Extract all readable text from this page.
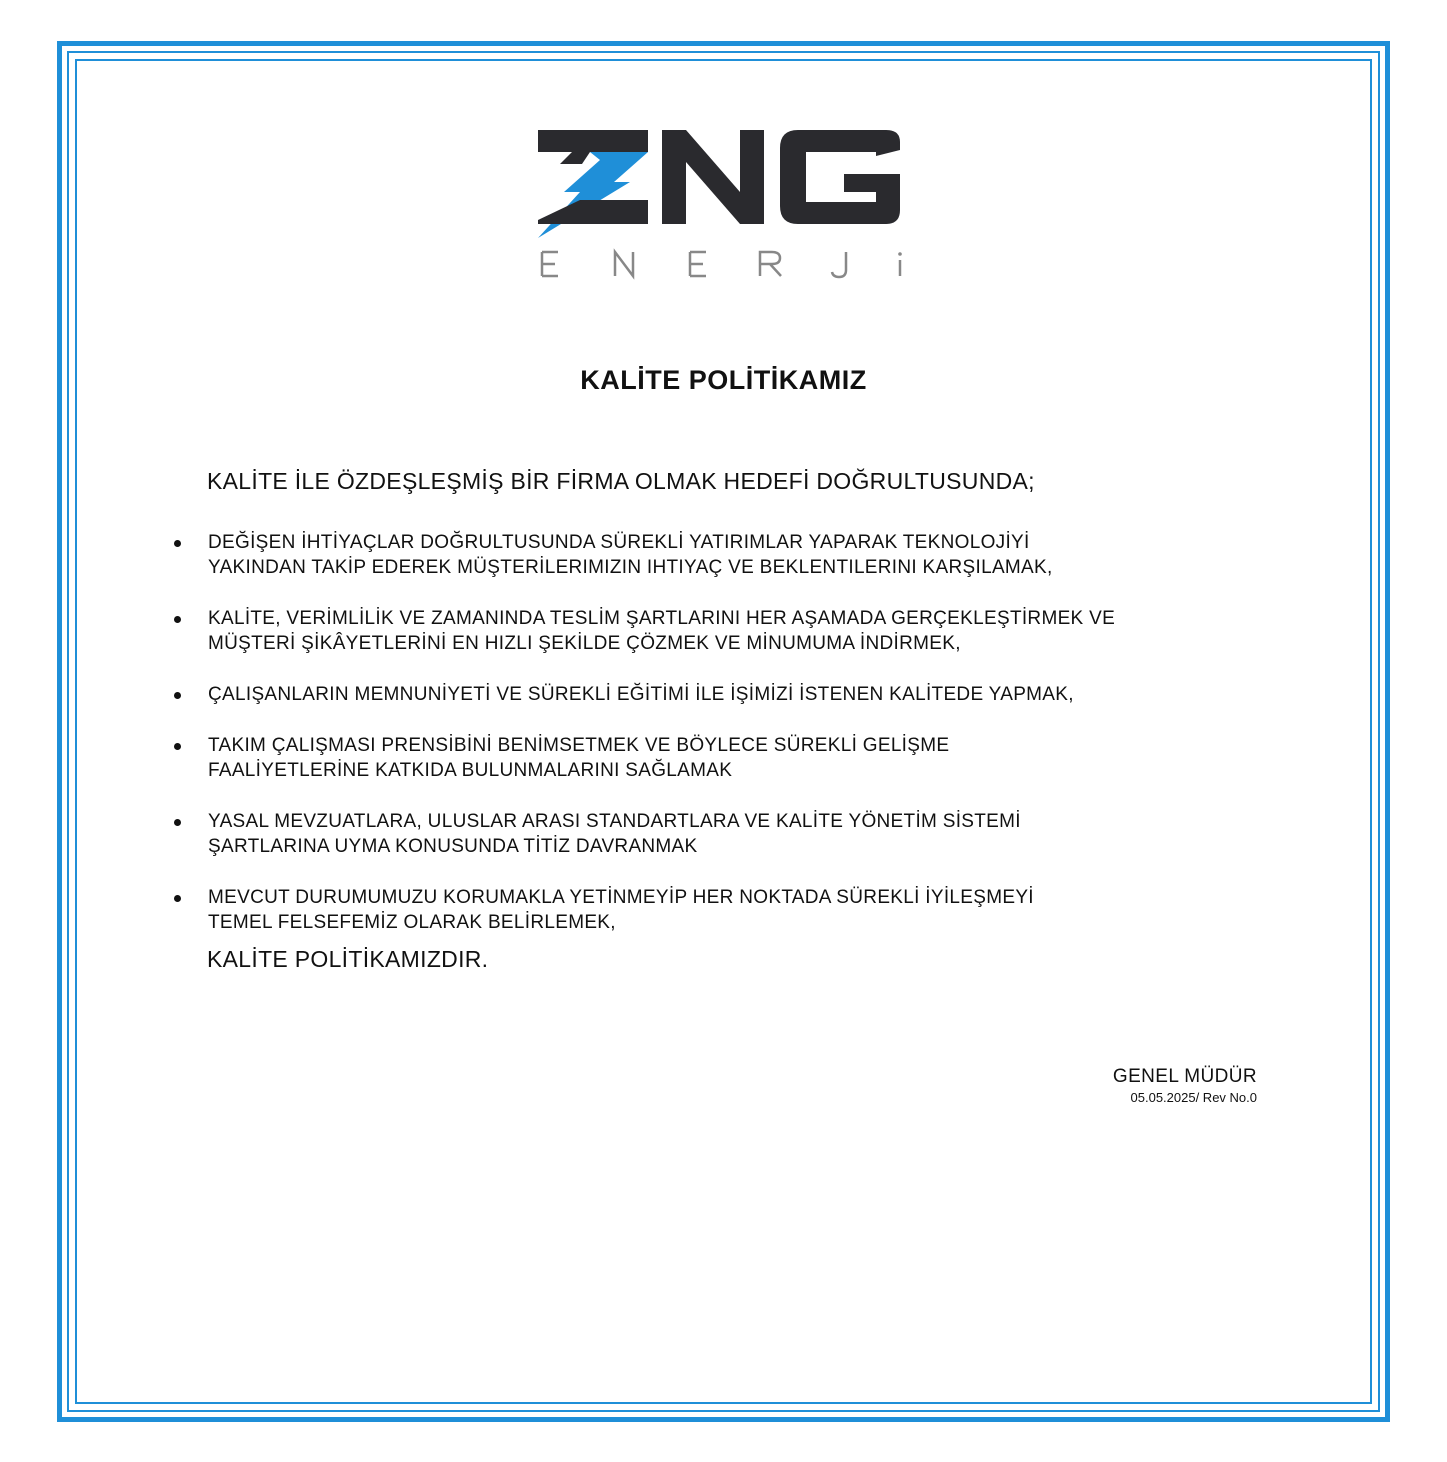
KALİTE POLİTİKAMIZ

KALİTE İLE ÖZDEŞLEŞMİŞ BİR FİRMA OLMAK HEDEFİ DOĞRULTUSUNDA;

DEĞİŞEN İHTİYAÇLAR DOĞRULTUSUNDA SÜREKLİ YATIRIMLAR YAPARAK TEKNOLOJİYİ
YAKINDAN TAKİP EDEREK MÜŞTERİLERIMIZIN IHTIYAÇ VE BEKLENTILERINI KARŞILAMAK,
KALİTE, VERİMLİLİK VE ZAMANINDA TESLİM ŞARTLARINI HER AŞAMADA GERÇEKLEŞTİRMEK VE
MÜŞTERİ ŞİKÂYETLERİNİ EN HIZLI ŞEKİLDE ÇÖZMEK VE MİNUMUMA İNDİRMEK,
ÇALIŞANLARIN MEMNUNİYETİ VE SÜREKLİ EĞİTİMİ İLE İŞİMİZİ İSTENEN KALİTEDE YAPMAK,
TAKIM ÇALIŞMASI PRENSİBİNİ BENİMSETMEK VE BÖYLECE SÜREKLİ GELİŞME
FAALİYETLERİNE KATKIDA BULUNMALARINI SAĞLAMAK
YASAL MEVZUATLARA, ULUSLAR ARASI STANDARTLARA VE KALİTE YÖNETİM SİSTEMİ
ŞARTLARINA UYMA KONUSUNDA TİTİZ DAVRANMAK
MEVCUT DURUMUMUZU KORUMAKLA YETİNMEYİP HER NOKTADA SÜREKLİ İYİLEŞMEYİ
TEMEL FELSEFEMİZ OLARAK BELİRLEMEK,

KALİTE POLİTİKAMIZDIR.

GENEL MÜDÜR
05.05.2025/ Rev No.0
